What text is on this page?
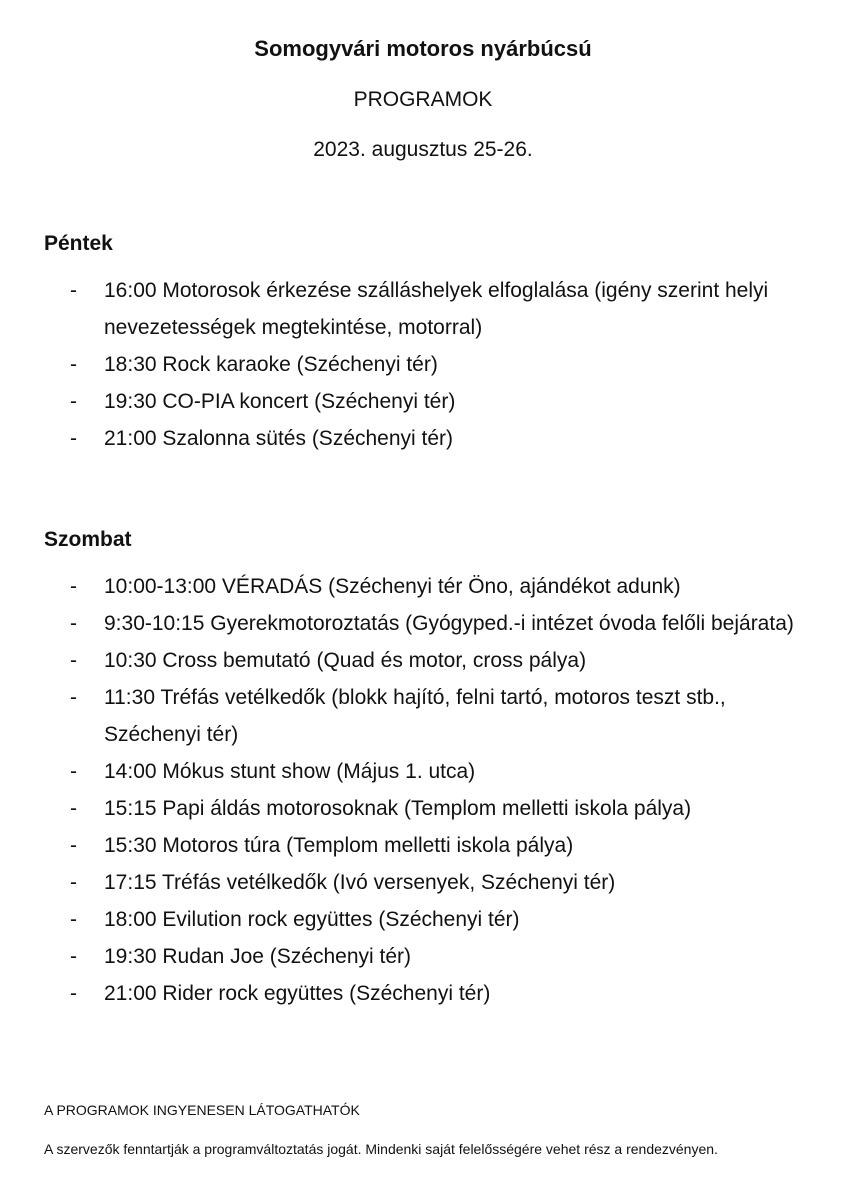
Somogyvári motoros nyárbúcsú
PROGRAMOK
2023. augusztus 25-26.
Péntek
- 16:00 Motorosok érkezése szálláshelyek elfoglalása (igény szerint helyi nevezetességek megtekintése, motorral)
- 18:30 Rock karaoke (Széchenyi tér)
- 19:30 CO-PIA koncert (Széchenyi tér)
- 21:00 Szalonna sütés (Széchenyi tér)
Szombat
- 10:00-13:00 VÉRADÁS (Széchenyi tér Öno, ajándékot adunk)
- 9:30-10:15 Gyerekmotoroztatás (Gyógyped.-i intézet óvoda felőli bejárata)
- 10:30 Cross bemutató (Quad és motor, cross pálya)
- 11:30 Tréfás vetélkedők (blokk hajító, felni tartó, motoros teszt stb., Széchenyi tér)
- 14:00 Mókus stunt show (Május 1. utca)
- 15:15 Papi áldás motorosoknak (Templom melletti iskola pálya)
- 15:30 Motoros túra (Templom melletti iskola pálya)
- 17:15 Tréfás vetélkedők (Ivó versenyek, Széchenyi tér)
- 18:00 Evilution rock együttes (Széchenyi tér)
- 19:30 Rudan Joe (Széchenyi tér)
- 21:00 Rider rock együttes (Széchenyi tér)
A PROGRAMOK INGYENESEN LÁTOGATHATÓK
A szervezők fenntartják a programváltoztatás jogát. Mindenki saját felelősségére vehet rész a rendezvényen.
